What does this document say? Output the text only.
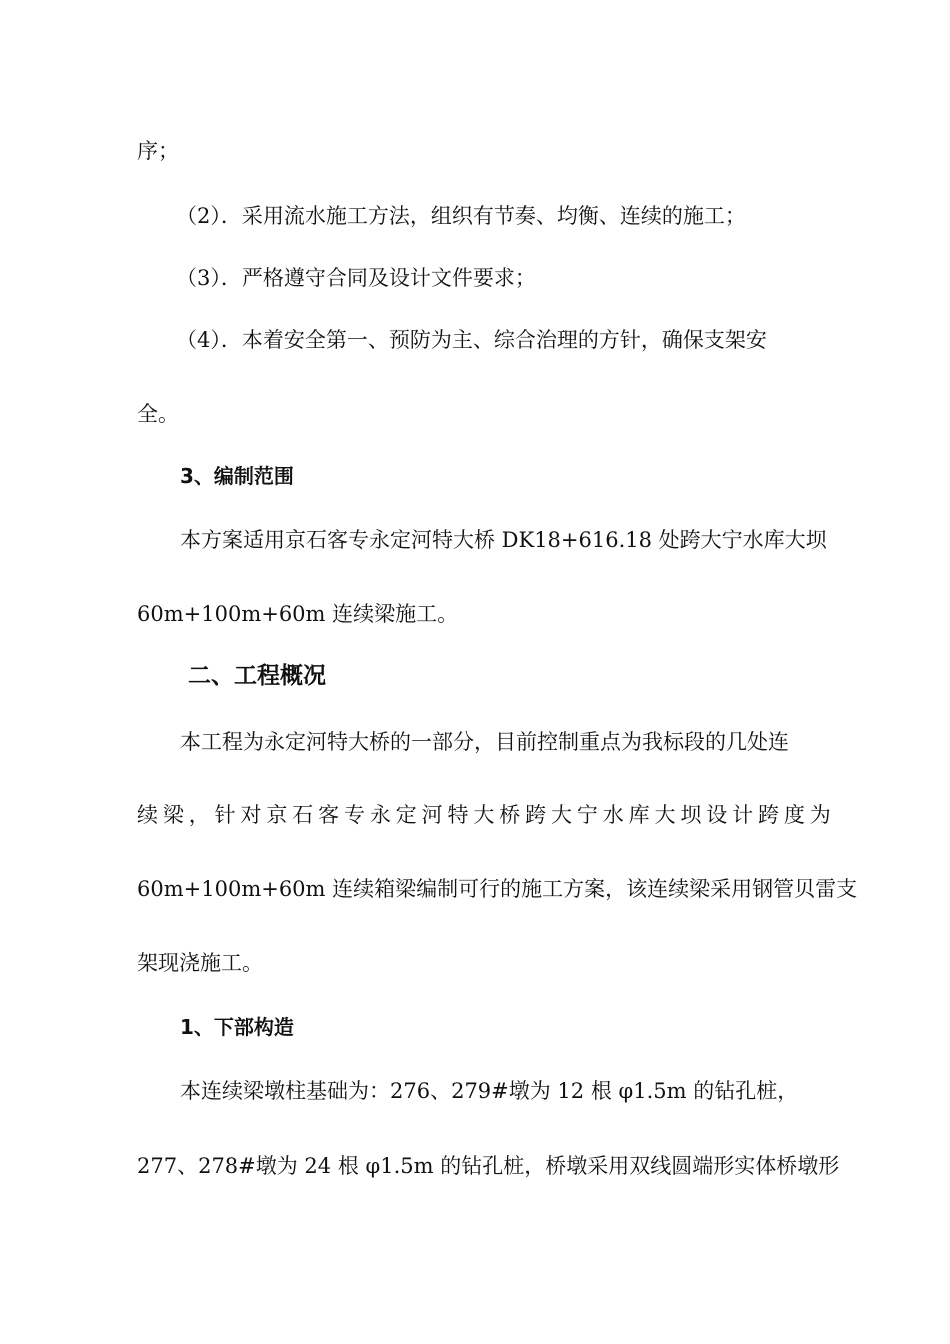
序；
（2）．采用流水施工方法，组织有节奏、均衡、连续的施工；
（3）．严格遵守合同及设计文件要求；
（4）．本着安全第一、预防为主、综合治理的方针，确保支架安
全。
3、编制范围
本方案适用京石客专永定河特大桥 DK18+616.18 处跨大宁水库大坝
60m+100m+60m 连续梁施工。
二、工程概况
本工程为永定河特大桥的一部分，目前控制重点为我标段的几处连
续 梁 ， 针 对 京 石 客 专 永 定 河 特 大 桥 跨 大 宁 水 库 大 坝 设 计 跨 度 为
60m+100m+60m 连续箱梁编制可行的施工方案，该连续梁采用钢管贝雷支
架现浇施工。
1、下部构造
本连续梁墩柱基础为：276、279#墩为 12 根 φ1.5m 的钻孔桩，
277、278#墩为 24 根 φ1.5m 的钻孔桩，桥墩采用双线圆端形实体桥墩形
